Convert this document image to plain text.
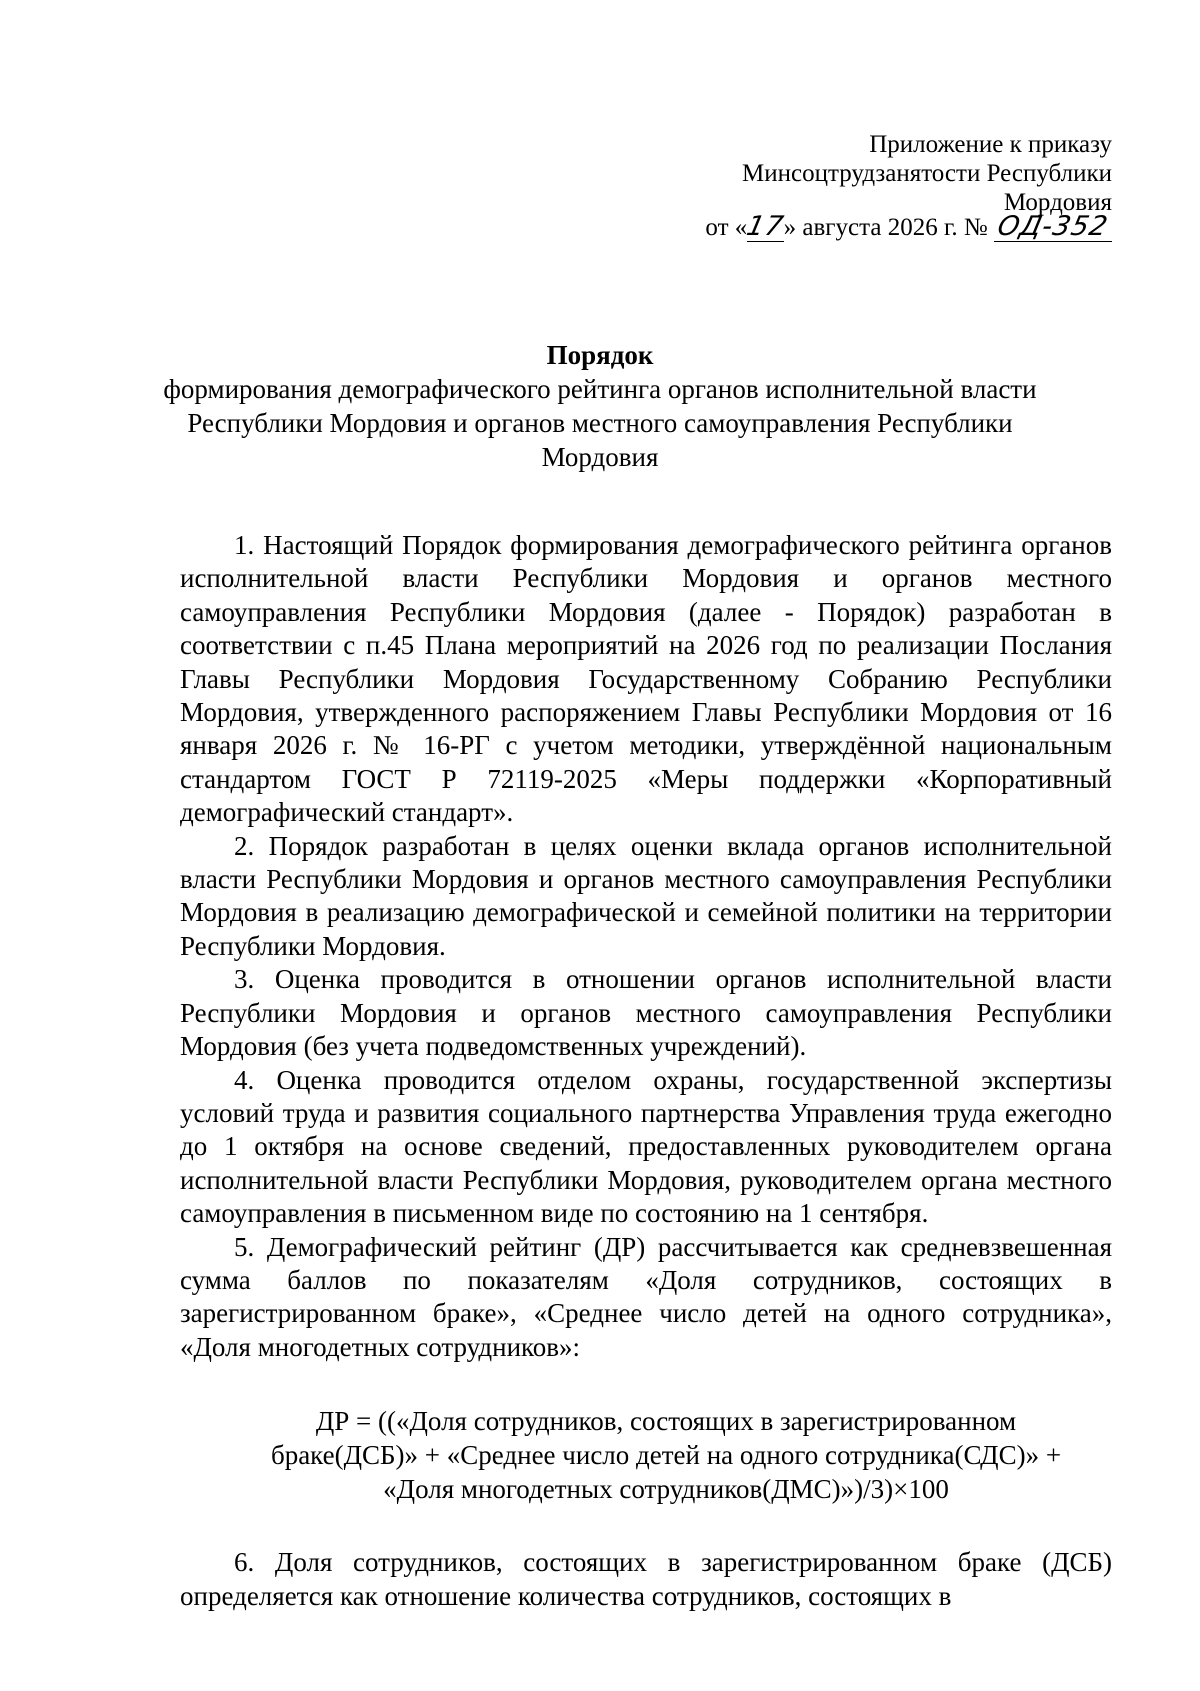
Приложение к приказу
Минсоцтрудзанятости Республики
Мордовия
от «17» августа 2026 г. № ОД-352
Порядок
формирования демографического рейтинга органов исполнительной власти Республики Мордовия и органов местного самоуправления Республики Мордовия

1. Настоящий Порядок формирования демографического рейтинга органов исполнительной власти Республики Мордовия и органов местного самоуправления Республики Мордовия (далее - Порядок) разработан в соответствии с п.45 Плана мероприятий на 2026 год по реализации Послания Главы Республики Мордовия Государственному Собранию Республики Мордовия, утвержденного распоряжением Главы Республики Мордовия от 16 января 2026 г. № 16-РГ с учетом методики, утверждённой национальным стандартом ГОСТ Р 72119-2025 «Меры поддержки «Корпоративный демографический стандарт».

2. Порядок разработан в целях оценки вклада органов исполнительной власти Республики Мордовия и органов местного самоуправления Республики Мордовия в реализацию демографической и семейной политики на территории Республики Мордовия.

3. Оценка проводится в отношении органов исполнительной власти Республики Мордовия и органов местного самоуправления Республики Мордовия (без учета подведомственных учреждений).

4. Оценка проводится отделом охраны, государственной экспертизы условий труда и развития социального партнерства Управления труда ежегодно до 1 октября на основе сведений, предоставленных руководителем органа исполнительной власти Республики Мордовия, руководителем органа местного самоуправления в письменном виде по состоянию на 1 сентября.

5. Демографический рейтинг (ДР) рассчитывается как средневзвешенная сумма баллов по показателям «Доля сотрудников, состоящих в зарегистрированном браке», «Среднее число детей на одного сотрудника», «Доля многодетных сотрудников»:

ДР = ((«Доля сотрудников, состоящих в зарегистрированном
браке(ДСБ)» + «Среднее число детей на одного сотрудника(СДС)» +
«Доля многодетных сотрудников(ДМС)»)/3)×100

6. Доля сотрудников, состоящих в зарегистрированном браке (ДСБ) определяется как отношение количества сотрудников, состоящих в
